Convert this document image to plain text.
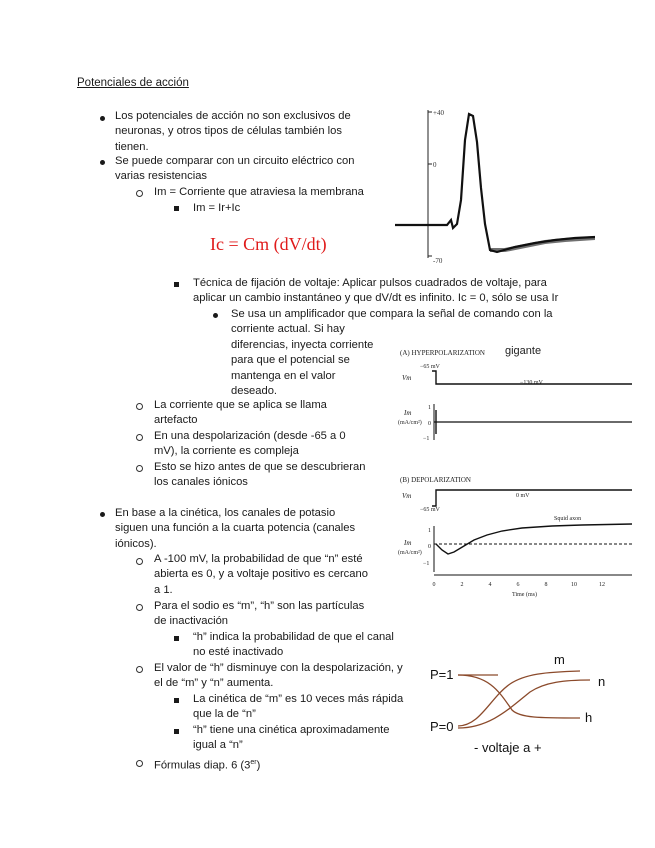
Potenciales de acción
Los potenciales de acción no son exclusivos de
neuronas, y otros tipos de células también los
tienen.
Se puede comparar con un circuito eléctrico con
varias resistencias
Im = Corriente que atraviesa la membrana
Im = Ir+Ic
Ic = Cm (dV/dt)
Técnica de fijación de voltaje: Aplicar pulsos cuadrados de voltaje, para
aplicar un cambio instantáneo y que dV/dt es infinito. Ic = 0, sólo se usa Ir
Se usa un amplificador que compara la señal de comando con la
corriente actual. Si hay
diferencias, inyecta corriente
para que el potencial se
mantenga en el valor
deseado.
La corriente que se aplica se llama
artefacto
En una despolarización (desde -65 a 0
mV), la corriente es compleja
Esto se hizo antes de que se descubrieran
los canales iónicos
En base a la cinética, los canales de potasio
siguen una función a la cuarta potencia (canales
iónicos).
A -100 mV, la probabilidad de que “n” esté
abierta es 0, y a voltaje positivo es cercano
a 1.
Para el sodio es “m”, “h” son las partículas
de inactivación
“h” indica la probabilidad de que el canal
no esté inactivado
El valor de “h” disminuye con la despolarización, y
el de “m” y “n” aumenta.
La cinética de “m” es 10 veces más rápida
que la de “n”
“h” tiene una cinética aproximadamente
igual a “n”
Fórmulas diap. 6 (3er)
+40
0
-70
(A) HYPERPOLARIZATION gigante
−65 mV
−130 mV
Vm
Im
(mA/cm²)
1
0
−1
(B) DEPOLARIZATION
Vm	0 mV
−65 mV
Squid axon
Im
(mA/cm²)
1
0
−1
0	2	4	6	8	10	12
Time (ms)
P=1
P=0
m
n
h
- voltaje a +
